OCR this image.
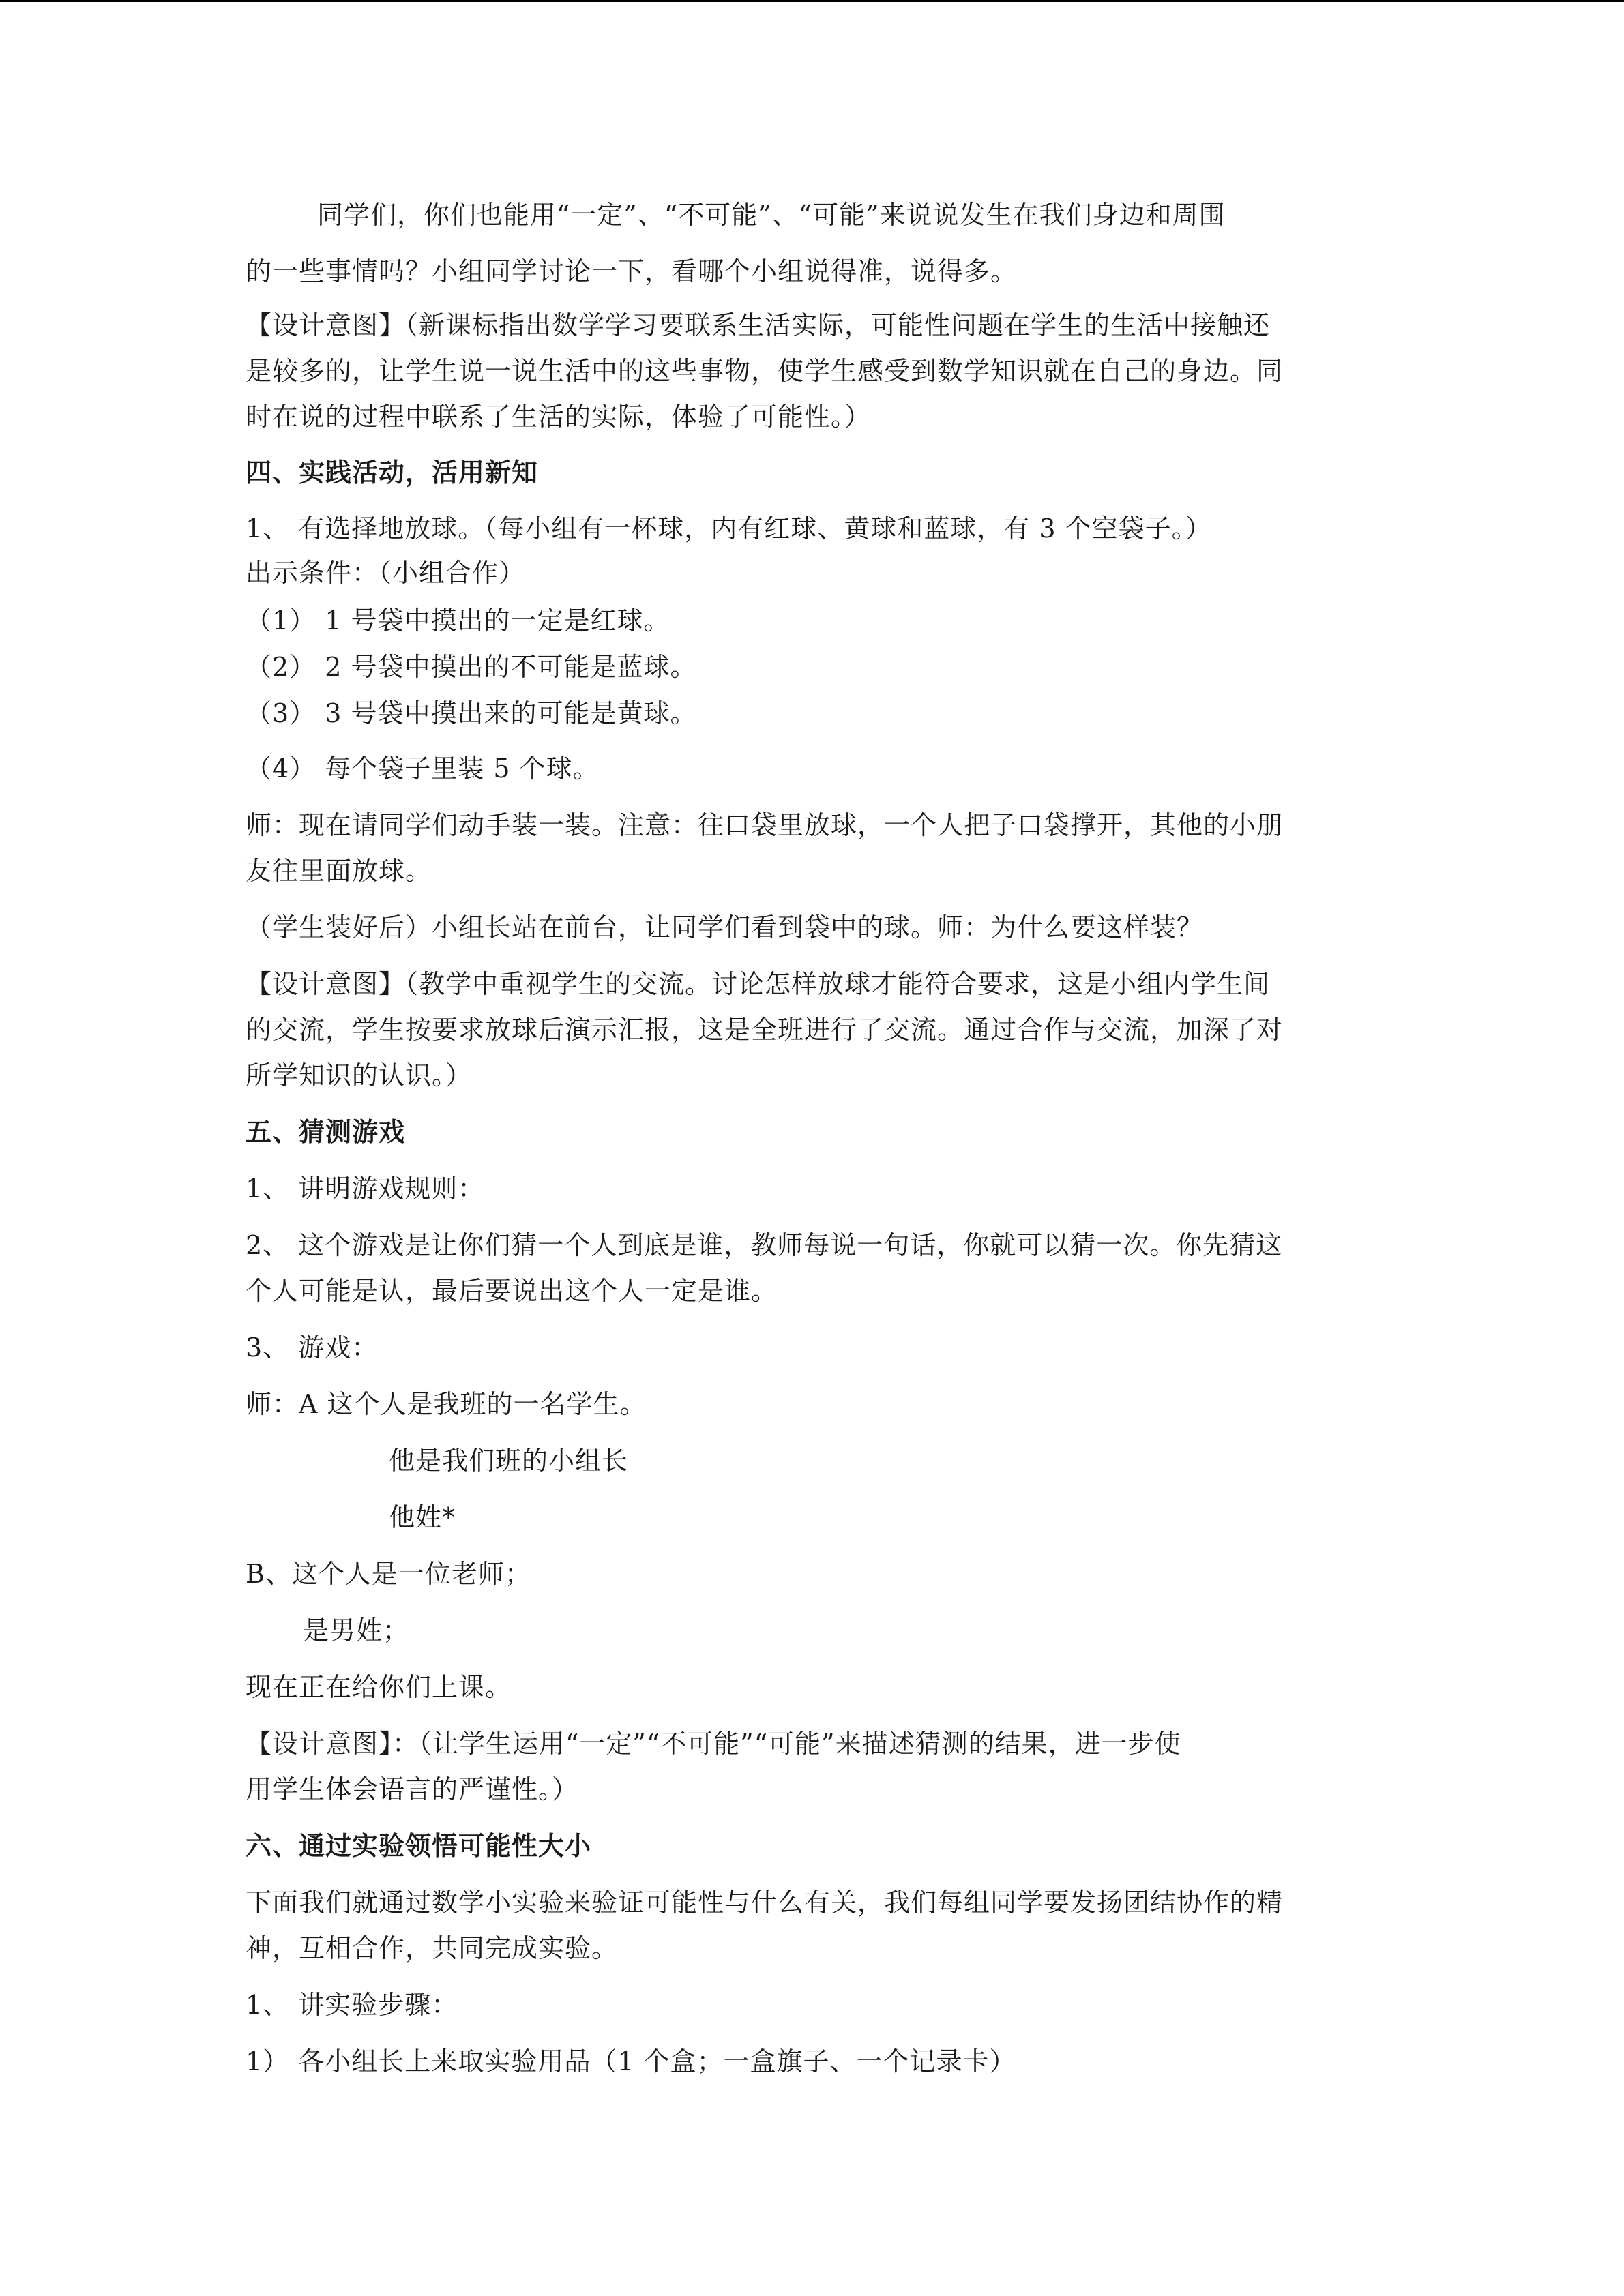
同学们，你们也能用“一定”、“不可能”、“可能”来说说发生在我们身边和周围
的一些事情吗？小组同学讨论一下，看哪个小组说得准，说得多。
【设计意图】（新课标指出数学学习要联系生活实际，可能性问题在学生的生活中接触还
是较多的，让学生说一说生活中的这些事物，使学生感受到数学知识就在自己的身边。同
时在说的过程中联系了生活的实际，体验了可能性。）
四、实践活动，活用新知
1、 有选择地放球。（每小组有一杯球，内有红球、黄球和蓝球，有 3 个空袋子。）
出示条件：（小组合作）
（1） 1 号袋中摸出的一定是红球。
（2） 2 号袋中摸出的不可能是蓝球。
（3） 3 号袋中摸出来的可能是黄球。
（4） 每个袋子里装 5 个球。
师：现在请同学们动手装一装。注意：往口袋里放球，一个人把子口袋撑开，其他的小朋
友往里面放球。
（学生装好后）小组长站在前台，让同学们看到袋中的球。师：为什么要这样装？
【设计意图】（教学中重视学生的交流。讨论怎样放球才能符合要求，这是小组内学生间
的交流，学生按要求放球后演示汇报，这是全班进行了交流。通过合作与交流，加深了对
所学知识的认识。）
五、猜测游戏
1、 讲明游戏规则：
2、 这个游戏是让你们猜一个人到底是谁，教师每说一句话，你就可以猜一次。你先猜这
个人可能是认，最后要说出这个人一定是谁。
3、 游戏：
师：A 这个人是我班的一名学生。
他是我们班的小组长
他姓*
B、这个人是一位老师；
是男姓；
现在正在给你们上课。
【设计意图】：（让学生运用“一定”“不可能”“可能”来描述猜测的结果，进一步使
用学生体会语言的严谨性。）
六、通过实验领悟可能性大小
下面我们就通过数学小实验来验证可能性与什么有关，我们每组同学要发扬团结协作的精
神，互相合作，共同完成实验。
1、 讲实验步骤：
1） 各小组长上来取实验用品（1 个盒；一盒旗子、一个记录卡）
